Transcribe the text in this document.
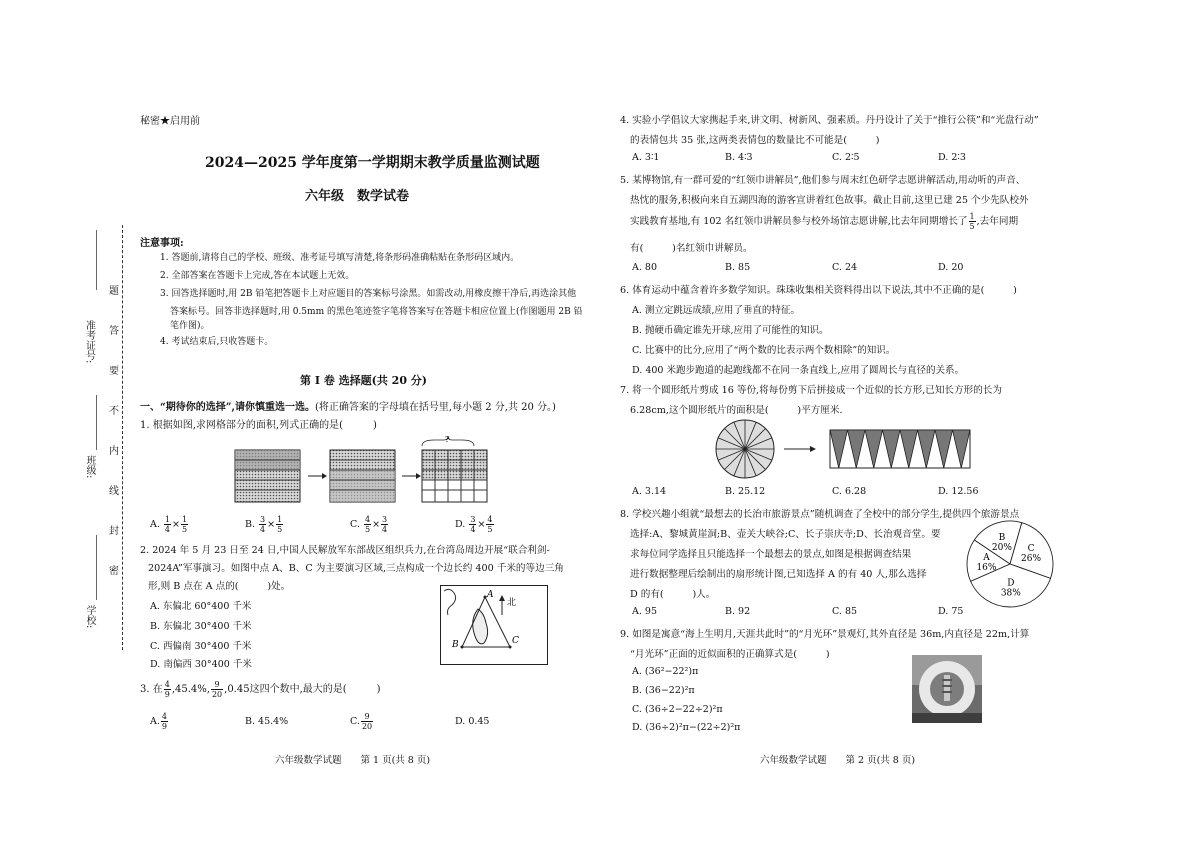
秘密★启用前
2024—2025 学年度第一学期期末教学质量监测试题
六年级　数学试卷
注意事项:
1. 答题前,请将自己的学校、班级、准考证号填写清楚,将条形码准确粘贴在条形码区域内。
2. 全部答案在答题卡上完成,答在本试题上无效。
3. 回答选择题时,用 2B 铅笔把答题卡上对应题目的答案标号涂黑。如需改动,用橡皮擦干净后,再选涂其他
答案标号。回答非选择题时,用 0.5mm 的黑色笔迹签字笔将答案写在答题卡相应位置上(作图题用 2B 铅
笔作图)。
4. 考试结束后,只收答题卡。
第 Ⅰ 卷 选择题(共 20 分)
一、“期待你的选择”,请你慎重选一选。(将正确答案的字母填在括号里,每小题 2 分,共 20 分。)
1. 根据如图,求网格部分的面积,列式正确的是(　　　)
?
A. $\frac{1}{4} \times \frac{1}{5}$	B. $\frac{3}{4} \times \frac{1}{5}$	C. $\frac{4}{5} \times \frac{3}{4}$	D. $\frac{3}{4} \times \frac{4}{5}$
2. 2024 年 5 月 23 日至 24 日,中国人民解放军东部战区组织兵力,在台湾岛周边开展“联合利剑-
2024A”军事演习。如图中点 A、B、C 为主要演习区域,三点构成一个边长约 400 千米的等边三角
形,则 B 点在 A 点的(　　　)处。
A. 东偏北 60°400 千米
B. 东偏北 30°400 千米
C. 西偏南 30°400 千米
D. 南偏西 30°400 千米
A
B	C
北
3. 在 $\frac{4}{9} ,45.4\%$, $\frac{9}{20}$ ,0.4̇5̇这四个数中,最大的是(　　　)
A. $\frac{4}{9}$	B. 45.4%	C. $\frac{9}{20}$	D. 0.4̇5̇
六年级数学试题　　第 1 页(共 8 页)
准考证号:
班级:
学校:
题
答
要
不
内
线
封
密
4. 实验小学倡议大家携起手来,讲文明、树新风、强素质。丹丹设计了关于“推行公筷”和“光盘行动”
的表情包共 35 张,这两类表情包的数量比不可能是(　　　)
A. 3∶1	B. 4∶3	C. 2∶5	D. 2∶3
5. 某博物馆,有一群可爱的“红领巾讲解员”,他们参与周末红色研学志愿讲解活动,用动听的声音、
热忱的服务,积极向来自五湖四海的游客宣讲着红色故事。截止目前,这里已建 25 个少先队校外
实践教育基地,有 102 名红领巾讲解员参与校外场馆志愿讲解,比去年同期增长了 $\frac{1}{5}$ ,去年同期
有(　　　)名红领巾讲解员。
A. 80	B. 85	C. 24	D. 20
6. 体育运动中蕴含着许多数学知识。珠珠收集相关资料得出以下说法,其中不正确的是(　　　)
A. 测立定跳远成绩,应用了垂直的特征。
B. 抛硬币确定谁先开球,应用了可能性的知识。
C. 比赛中的比分,应用了“两个数的比表示两个数相除”的知识。
D. 400 米跑步跑道的起跑线都不在同一条直线上,应用了圆周长与直径的关系。
7. 将一个圆形纸片剪成 16 等份,将每份剪下后拼接成一个近似的长方形,已知长方形的长为
6.28cm,这个圆形纸片的面积是(　　　)平方厘米.
A. 3.14	B. 25.12	C. 6.28	D. 12.56
8. 学校兴趣小组就“最想去的长治市旅游景点”随机调查了全校中的部分学生,提供四个旅游景点
选择:A、黎城黄崖洞;B、壶关大峡谷;C、长子崇庆寺;D、长治观音堂。要
求每位同学选择且只能选择一个最想去的景点,如图是根据调查结果
进行数据整理后绘制出的扇形统计图,已知选择 A 的有 40 人,那么选择
D 的有(　　　)人。
A. 95	B. 92	C. 85	D. 75
B
20% C
26%
D
38%
A
16%
9. 如图是寓意“海上生明月,天涯共此时”的“月光环”景观灯,其外直径是 36m,内直径是 22m,计算
“月光环”正面的近似面积的正确算式是(　　　)
A. (36²−22²)π
B. (36−22)²π
C. (36÷2−22÷2)²π
D. (36÷2)²π−(22÷2)²π
六年级数学试题　　第 2 页(共 8 页)
